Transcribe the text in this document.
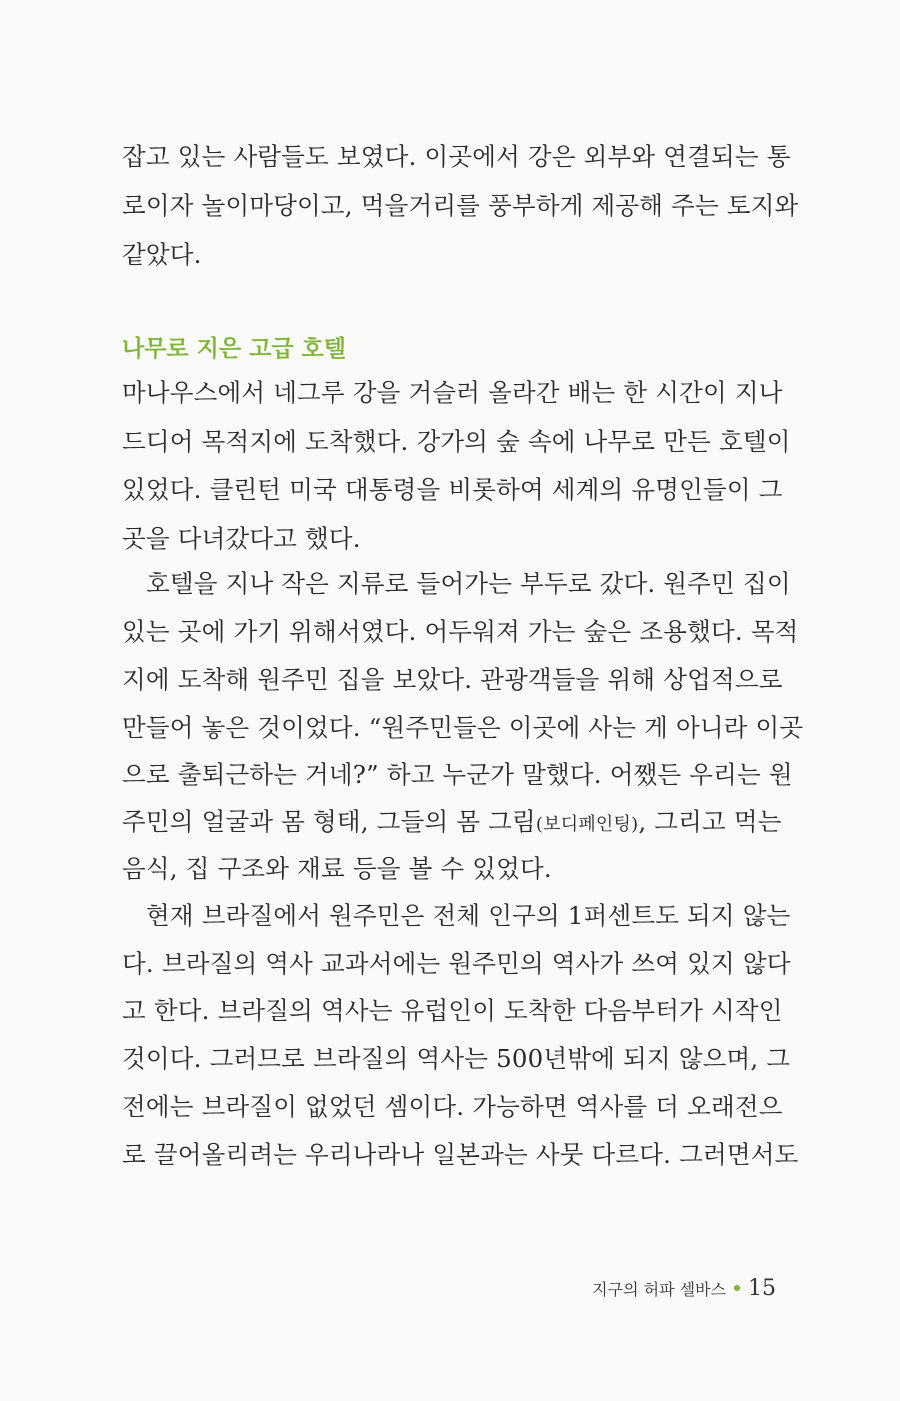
잡고 있는 사람들도 보였다. 이곳에서 강은 외부와 연결되는 통
로이자 놀이마당이고, 먹을거리를 풍부하게 제공해 주는 토지와
같았다.
나무로 지은 고급 호텔
마나우스에서 네그루 강을 거슬러 올라간 배는 한 시간이 지나
드디어 목적지에 도착했다. 강가의 숲 속에 나무로 만든 호텔이
있었다. 클린턴 미국 대통령을 비롯하여 세계의 유명인들이 그
곳을 다녀갔다고 했다.
호텔을 지나 작은 지류로 들어가는 부두로 갔다. 원주민 집이
있는 곳에 가기 위해서였다. 어두워져 가는 숲은 조용했다. 목적
지에 도착해 원주민 집을 보았다. 관광객들을 위해 상업적으로
만들어 놓은 것이었다. “원주민들은 이곳에 사는 게 아니라 이곳
으로 출퇴근하는 거네?” 하고 누군가 말했다. 어쨌든 우리는 원
주민의 얼굴과 몸 형태, 그들의 몸 그림(보디페인팅), 그리고 먹는
음식, 집 구조와 재료 등을 볼 수 있었다.
현재 브라질에서 원주민은 전체 인구의 1퍼센트도 되지 않는
다. 브라질의 역사 교과서에는 원주민의 역사가 쓰여 있지 않다
고 한다. 브라질의 역사는 유럽인이 도착한 다음부터가 시작인
것이다. 그러므로 브라질의 역사는 500년밖에 되지 않으며, 그
전에는 브라질이 없었던 셈이다. 가능하면 역사를 더 오래전으
로 끌어올리려는 우리나라나 일본과는 사뭇 다르다. 그러면서도
지구의 허파 셀바스 15
